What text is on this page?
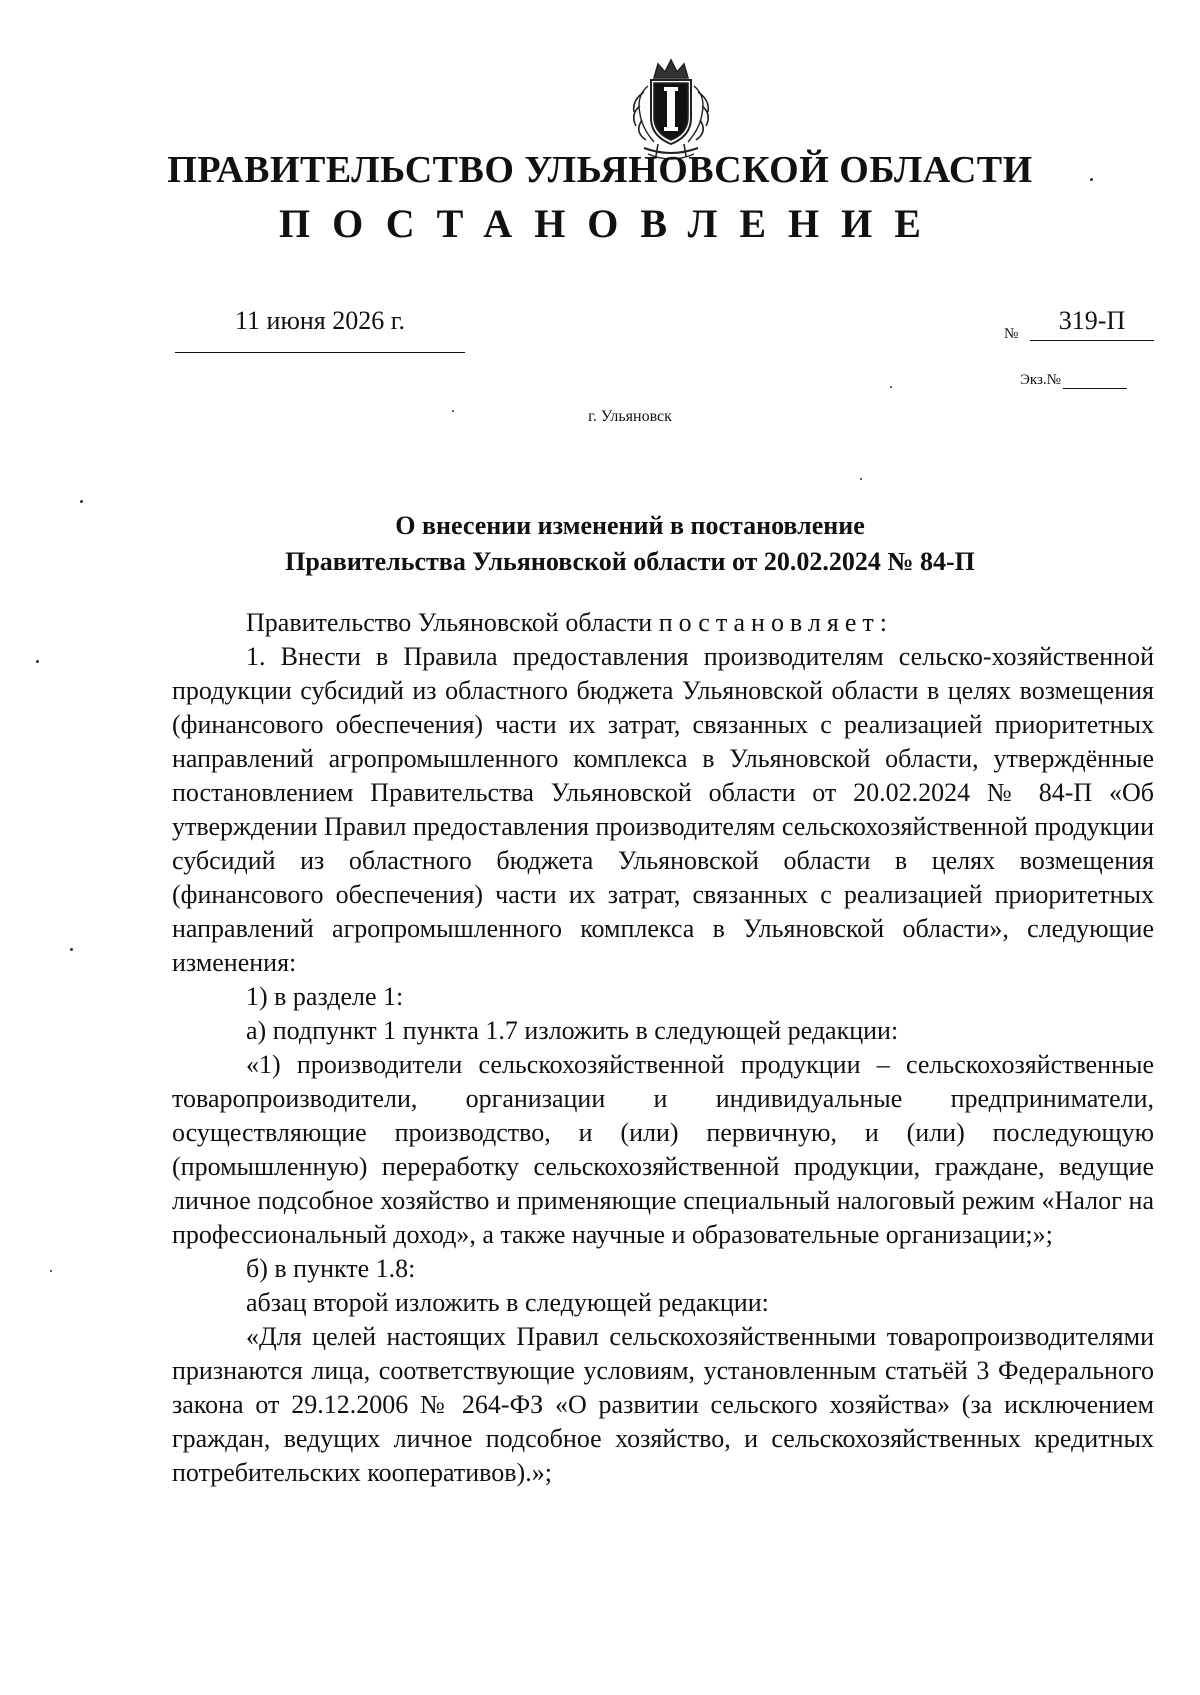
ПРАВИТЕЛЬСТВО УЛЬЯНОВСКОЙ ОБЛАСТИ
ПОСТАНОВЛЕНИЕ
11 июня 2026 г.	№	319-П
Экз.№
г. Ульяновск
О внесении изменений в постановление
Правительства Ульяновской области от 20.02.2024 № 84-П

Правительство Ульяновской области постановляет:

1. Внести в Правила предоставления производителям сельско-хозяйственной продукции субсидий из областного бюджета Ульяновской области в целях возмещения (финансового обеспечения) части их затрат, связанных с реализацией приоритетных направлений агропромышленного комплекса в Ульяновской области, утверждённые постановлением Правительства Ульяновской области от 20.02.2024 № 84-П «Об утверждении Правил предоставления производителям сельскохозяйственной продукции субсидий из областного бюджета Ульяновской области в целях возмещения (финансового обеспечения) части их затрат, связанных с реализацией приоритетных направлений агропромышленного комплекса в Ульяновской области», следующие изменения:

1) в разделе 1:

а) подпункт 1 пункта 1.7 изложить в следующей редакции:

«1) производители сельскохозяйственной продукции – сельскохозяйственные товаропроизводители, организации и индивидуальные предприниматели, осуществляющие производство, и (или) первичную, и (или) последующую (промышленную) переработку сельскохозяйственной продукции, граждане, ведущие личное подсобное хозяйство и применяющие специальный налоговый режим «Налог на профессиональный доход», а также научные и образовательные организации;»;

б) в пункте 1.8:

абзац второй изложить в следующей редакции:

«Для целей настоящих Правил сельскохозяйственными товаропроизводителями признаются лица, соответствующие условиям, установленным статьёй 3 Федерального закона от 29.12.2006 № 264-ФЗ «О развитии сельского хозяйства» (за исключением граждан, ведущих личное подсобное хозяйство, и сельскохозяйственных кредитных потребительских кооперативов).»;
